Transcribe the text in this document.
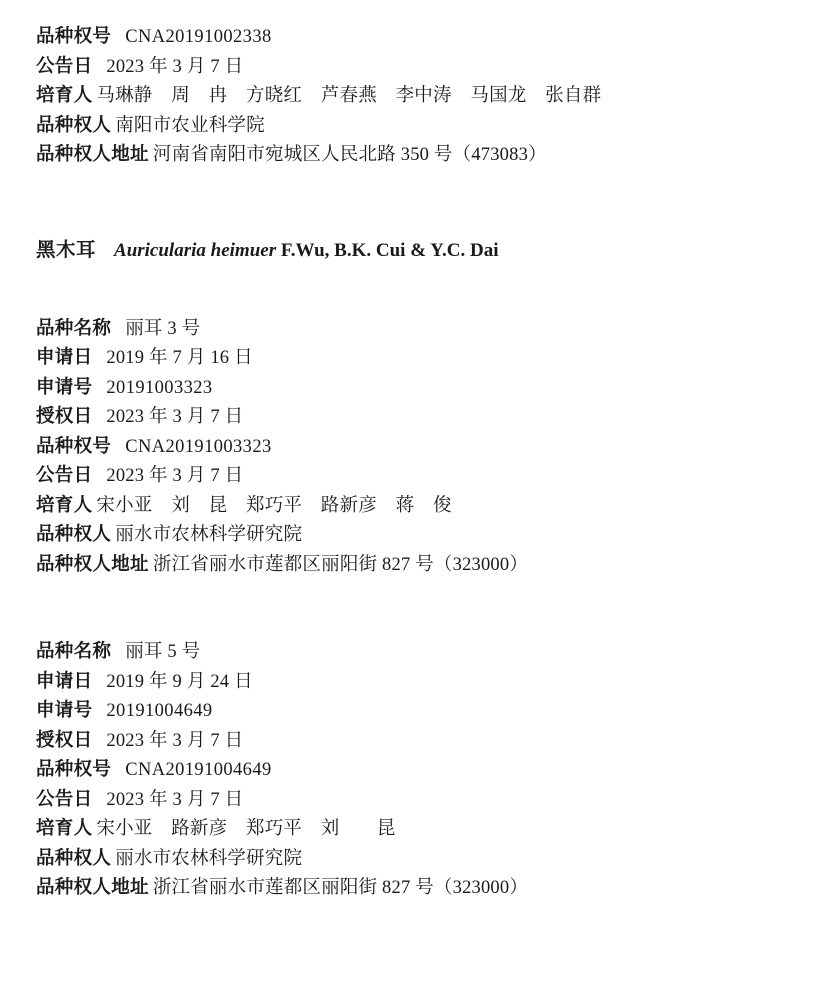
品种权号 CNA20191002338
公告日 2023 年 3 月 7 日
培育人 马琳静　周　冉　方晓红　芦春燕　李中涛　马国龙　张自群
品种权人 南阳市农业科学院
品种权人地址 河南省南阳市宛城区人民北路 350 号（473083）
黑木耳 Auricularia heimuer F.Wu, B.K. Cui & Y.C. Dai
品种名称 丽耳 3 号
申请日 2019 年 7 月 16 日
申请号 20191003323
授权日 2023 年 3 月 7 日
品种权号 CNA20191003323
公告日 2023 年 3 月 7 日
培育人 宋小亚　刘　昆　郑巧平　路新彦　蒋　俊
品种权人 丽水市农林科学研究院
品种权人地址 浙江省丽水市莲都区丽阳街 827 号（323000）
品种名称 丽耳 5 号
申请日 2019 年 9 月 24 日
申请号 20191004649
授权日 2023 年 3 月 7 日
品种权号 CNA20191004649
公告日 2023 年 3 月 7 日
培育人 宋小亚　路新彦　郑巧平　刘　　昆
品种权人 丽水市农林科学研究院
品种权人地址 浙江省丽水市莲都区丽阳街 827 号（323000）
